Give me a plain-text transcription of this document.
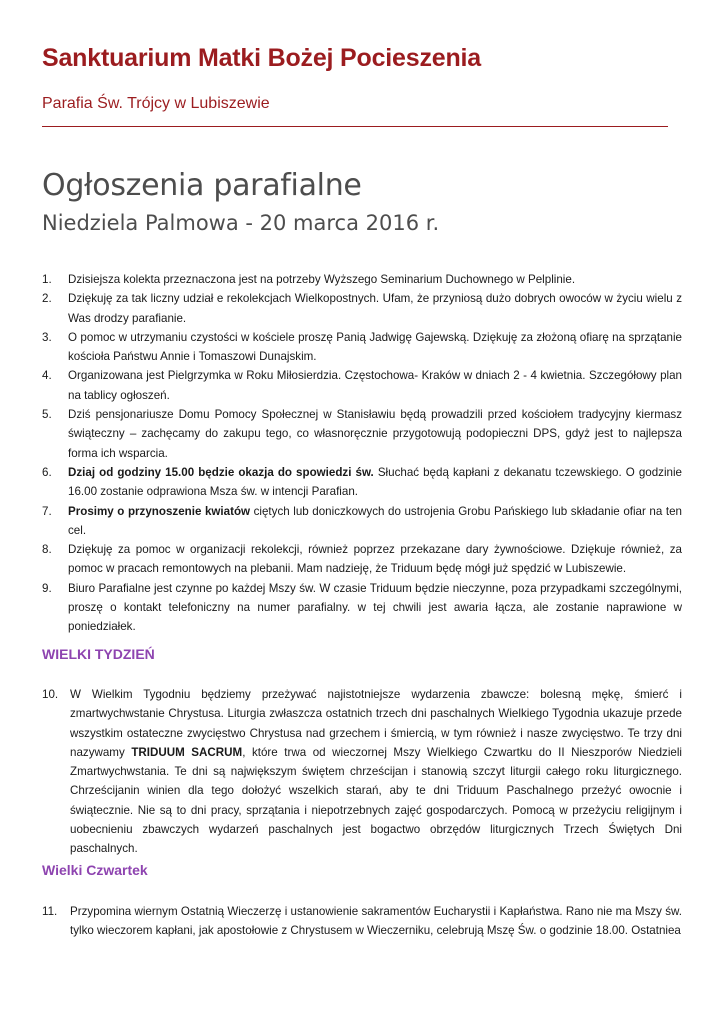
Sanktuarium Matki Bożej Pocieszenia

Parafia Św. Trójcy w Lubiszewie

Ogłoszenia parafialne

Niedziela Palmowa - 20 marca 2016 r.

1. Dzisiejsza kolekta przeznaczona jest na potrzeby Wyższego Seminarium Duchownego w Pelplinie.
2. Dziękuję za tak liczny udział e rekolekcjach Wielkopostnych. Ufam, że przyniosą dużo dobrych owoców w życiu wielu z Was drodzy parafianie.
3. O pomoc w utrzymaniu czystości w kościele proszę Panią Jadwigę Gajewską. Dziękuję za złożoną ofiarę na sprzątanie kościoła Państwu Annie i Tomaszowi Dunajskim.
4. Organizowana jest Pielgrzymka w Roku Miłosierdzia. Częstochowa- Kraków w dniach 2 - 4 kwietnia. Szczegółowy plan na tablicy ogłoszeń.
5. Dziś pensjonariusze Domu Pomocy Społecznej w Stanisławiu będą prowadzili przed kościołem tradycyjny kiermasz świąteczny – zachęcamy do zakupu tego, co własnoręcznie przygotowują podopieczni DPS, gdyż jest to najlepsza forma ich wsparcia.
6. Dziaj od godziny 15.00 będzie okazja do spowiedzi św. Słuchać będą kapłani z dekanatu tczewskiego. O godzinie 16.00 zostanie odprawiona Msza św. w intencji Parafian.
7. Prosimy o przynoszenie kwiatów ciętych lub doniczkowych do ustrojenia Grobu Pańskiego lub składanie ofiar na ten cel.
8. Dziękuję za pomoc w organizacji rekolekcji, również poprzez przekazane dary żywnościowe. Dziękuje również, za pomoc w pracach remontowych na plebanii. Mam nadzieję, że Triduum będę mógł już spędzić w Lubiszewie.
9. Biuro Parafialne jest czynne po każdej Mszy św. W czasie Triduum będzie nieczynne, poza przypadkami szczególnymi, proszę o kontakt telefoniczny na numer parafialny. w tej chwili jest awaria łącza, ale zostanie naprawione w poniedziałek.
WIELKI TYDZIEŃ
10. W Wielkim Tygodniu będziemy przeżywać najistotniejsze wydarzenia zbawcze: bolesną mękę, śmierć i zmartwychwstanie Chrystusa. Liturgia zwłaszcza ostatnich trzech dni paschalnych Wielkiego Tygodnia ukazuje przede wszystkim ostateczne zwycięstwo Chrystusa nad grzechem i śmiercią, w tym również i nasze zwycięstwo. Te trzy dni nazywamy TRIDUUM SACRUM, które trwa od wieczornej Mszy Wielkiego Czwartku do II Nieszporów Niedzieli Zmartwychwstania. Te dni są największym świętem chrześcijan i stanowią szczyt liturgii całego roku liturgicznego. Chrześcijanin winien dla tego dołożyć wszelkich starań, aby te dni Triduum Paschalnego przeżyć owocnie i świątecznie. Nie są to dni pracy, sprzątania i niepotrzebnych zajęć gospodarczych. Pomocą w przeżyciu religijnym i uobecnieniu zbawczych wydarzeń paschalnych jest bogactwo obrzędów liturgicznych Trzech Świętych Dni paschalnych.
Wielki Czwartek
11. Przypomina wiernym Ostatnią Wieczerzę i ustanowienie sakramentów Eucharystii i Kapłaństwa. Rano nie ma Mszy św. tylko wieczorem kapłani, jak apostołowie z Chrystusem w Wieczerniku, celebrują Mszę Św. o godzinie 18.00. Ostatniea
